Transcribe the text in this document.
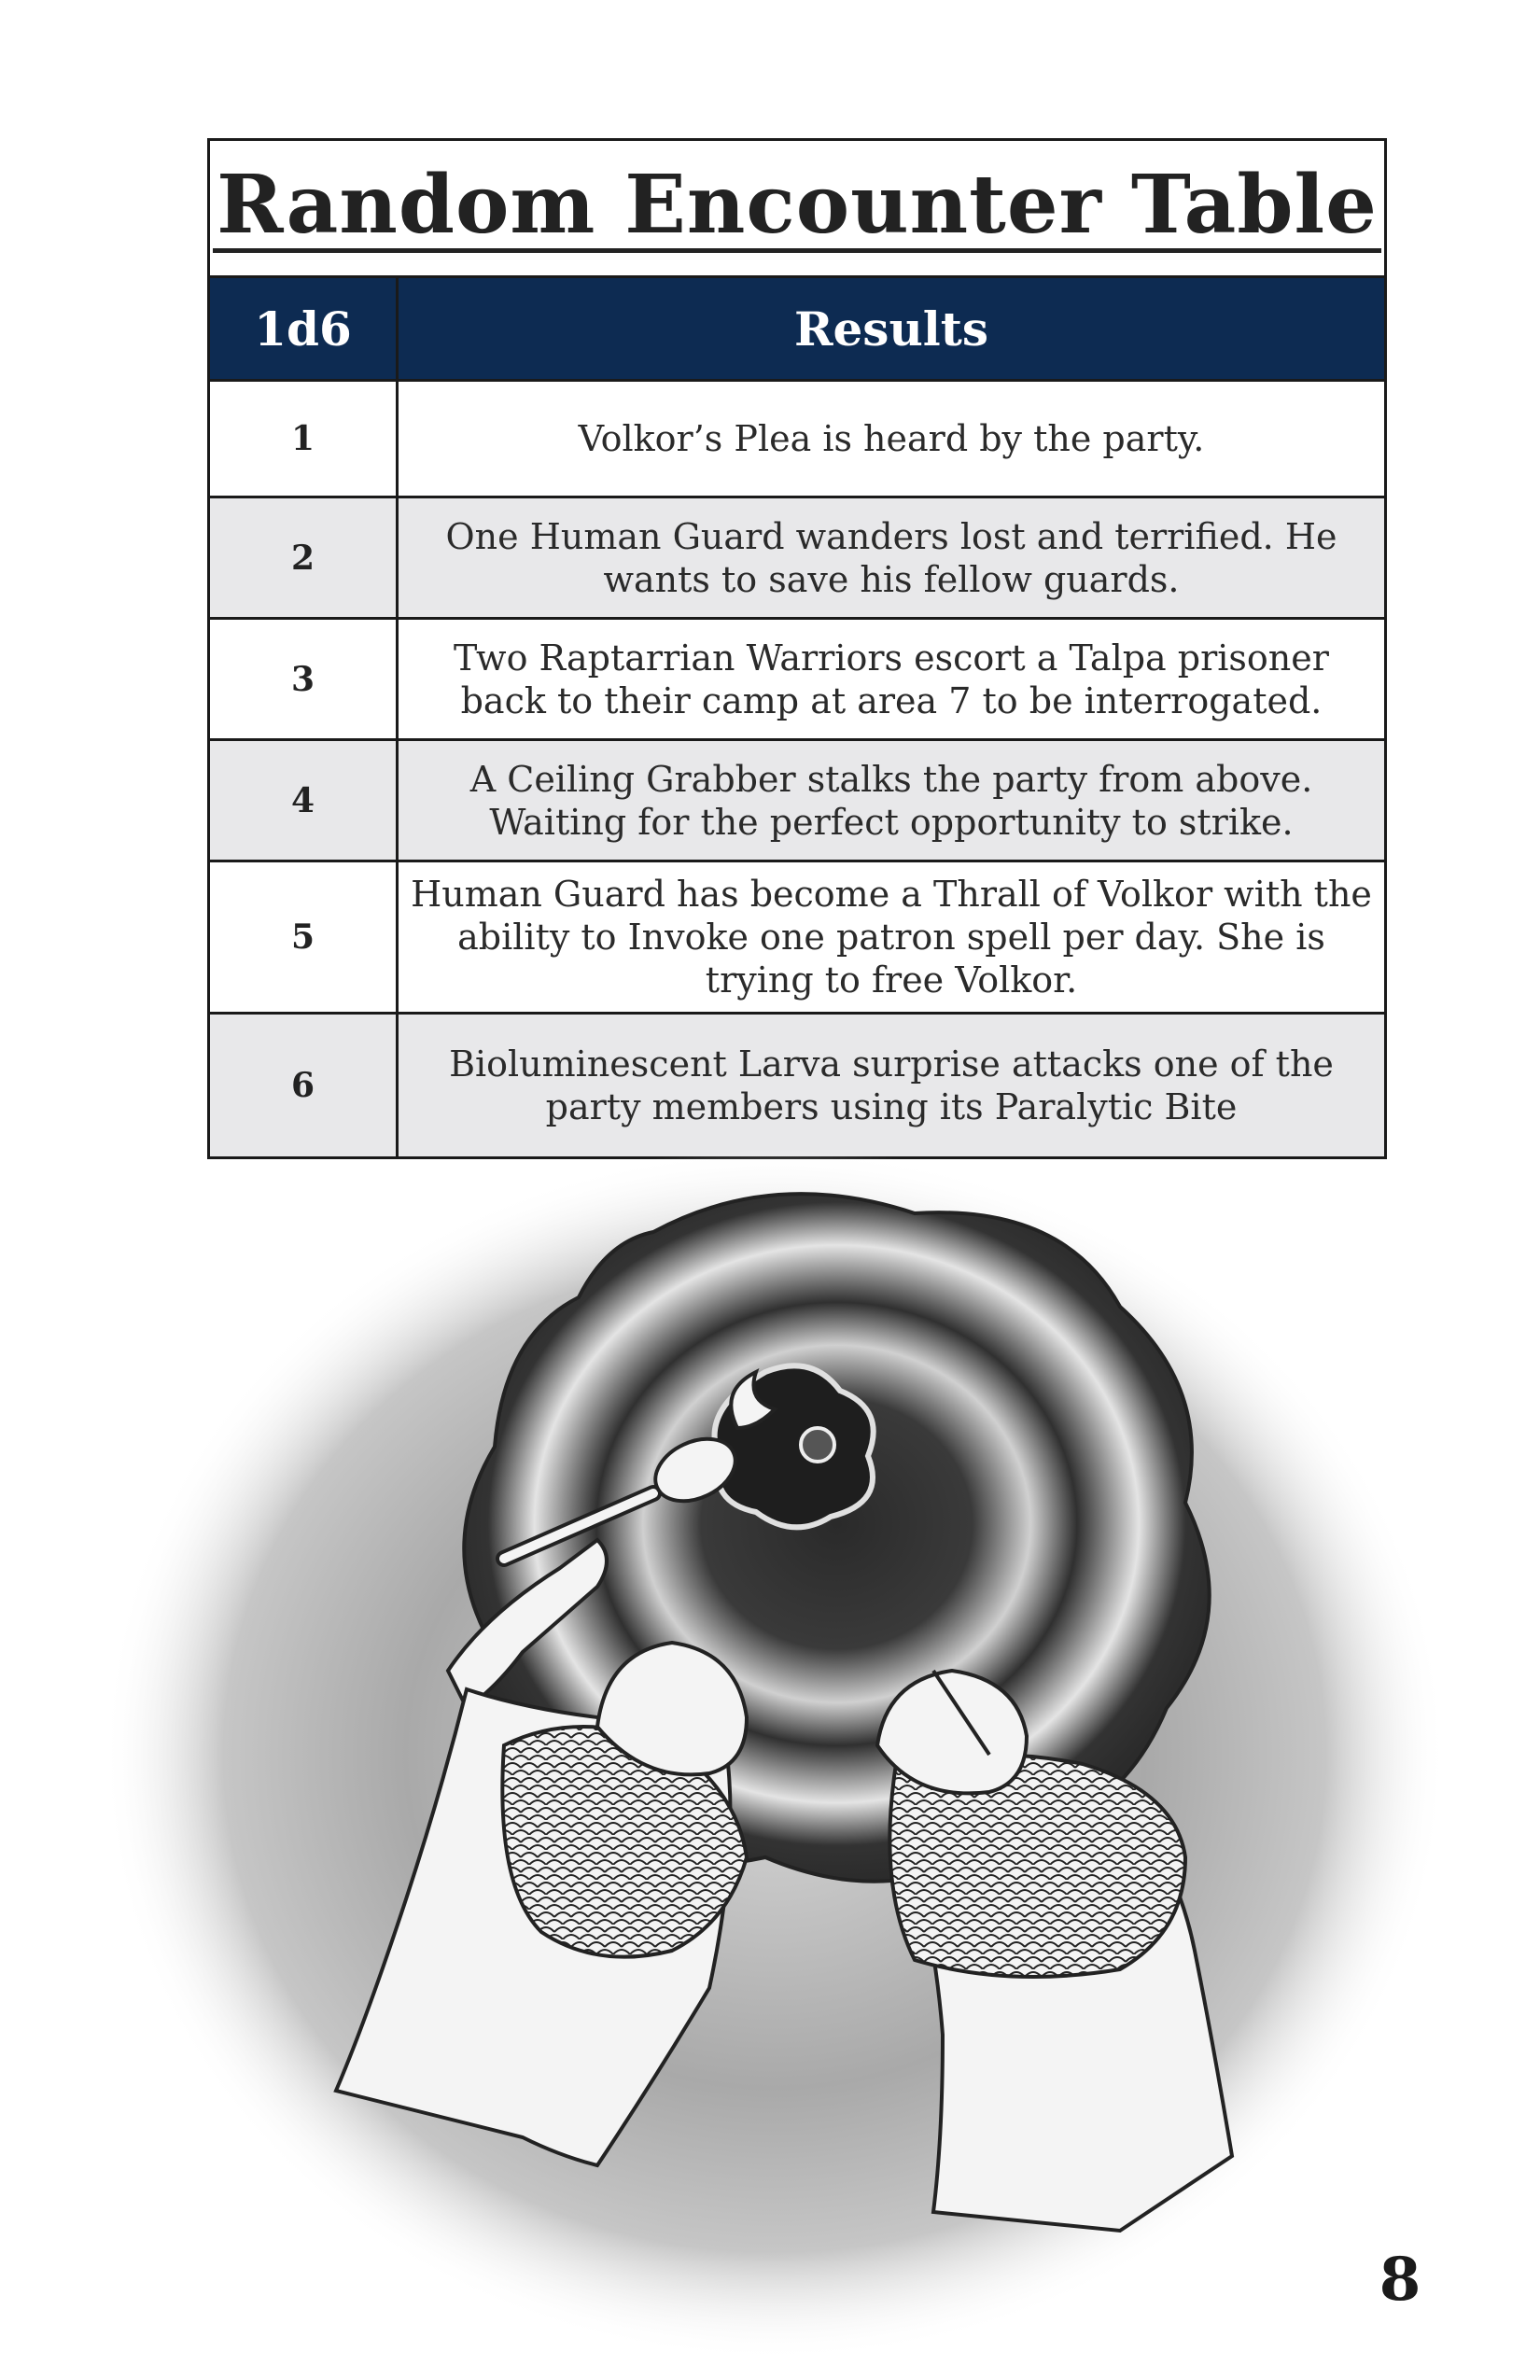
Random Encounter Table
1d6	Results
1	Volkor’s Plea is heard by the party.
2
One Human Guard wanders lost and terrified. He wants to save his fellow guards.
3
Two Raptarrian Warriors escort a Talpa prisoner back to their camp at area 7 to be interrogated.
4
A Ceiling Grabber stalks the party from above. Waiting for the perfect opportunity to strike.
5
Human Guard has become a Thrall of Volkor with the ability to Invoke one patron spell per day. She is trying to free Volkor.
6
Bioluminescent Larva surprise attacks one of the party members using its Paralytic Bite
8
